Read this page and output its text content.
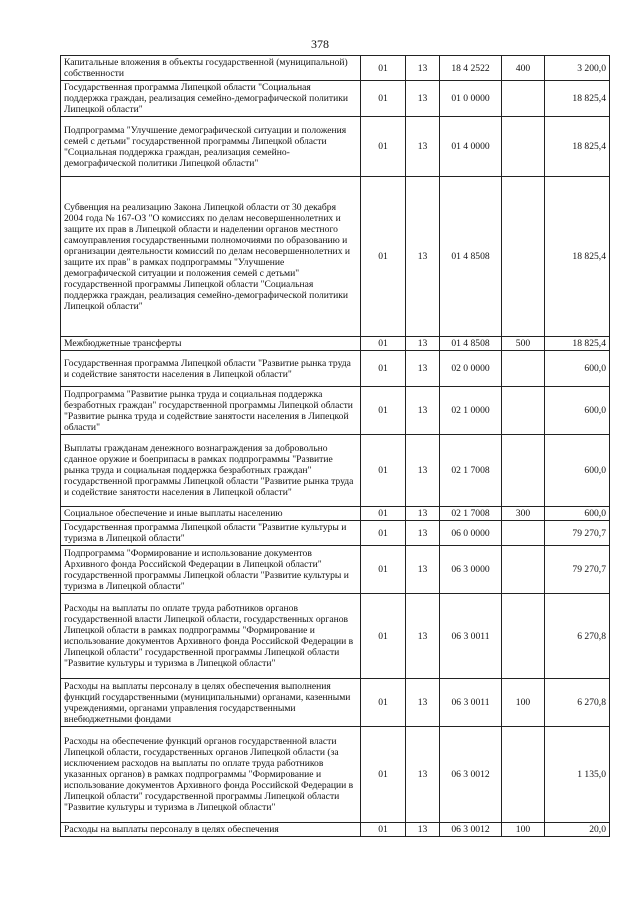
378
Капитальные вложения в объекты государственной (муниципальной) собственности	01	13	18 4 2522	400	3 200,0
Государственная программа Липецкой области "Социальная поддержка граждан, реализация семейно-демографической политики Липецкой области"	01	13	01 0 0000		18 825,4
Подпрограмма "Улучшение демографической ситуации и положения семей с детьми" государственной программы Липецкой области "Социальная поддержка граждан, реализация семейно-демографической политики Липецкой области"	01	13	01 4 0000		18 825,4
Субвенция на реализацию Закона Липецкой области от 30 декабря 2004 года № 167-ОЗ "О комиссиях по делам несовершеннолетних и защите их прав в Липецкой области и наделении органов местного самоуправления государственными полномочиями по образованию и организации деятельности комиссий по делам несовершеннолетних и защите их прав" в рамках подпрограммы "Улучшение демографической ситуации и положения семей с детьми" государственной программы Липецкой области "Социальная поддержка граждан, реализация семейно-демографической политики Липецкой области"	01	13	01 4 8508		18 825,4
Межбюджетные трансферты	01	13	01 4 8508	500	18 825,4
Государственная программа Липецкой области "Развитие рынка труда и содействие занятости населения в Липецкой области"	01	13	02 0 0000		600,0
Подпрограмма "Развитие рынка труда и социальная поддержка безработных граждан" государственной программы Липецкой области "Развитие рынка труда и содействие занятости населения в Липецкой области"	01	13	02 1 0000		600,0
Выплаты гражданам денежного вознаграждения за добровольно сданное оружие и боеприпасы в рамках подпрограммы "Развитие рынка труда и социальная поддержка безработных граждан" государственной программы Липецкой области "Развитие рынка труда и содействие занятости населения в Липецкой области"	01	13	02 1 7008		600,0
Социальное обеспечение и иные выплаты населению	01	13	02 1 7008	300	600,0
Государственная программа Липецкой области "Развитие культуры и туризма в Липецкой области"	01	13	06 0 0000		79 270,7
Подпрограмма "Формирование и использование документов Архивного фонда Российской Федерации в Липецкой области" государственной программы Липецкой области "Развитие культуры и туризма в Липецкой области"	01	13	06 3 0000		79 270,7
Расходы на выплаты по оплате труда работников органов государственной власти Липецкой области, государственных органов Липецкой области в рамках подпрограммы "Формирование и использование документов Архивного фонда Российской Федерации в Липецкой области" государственной программы Липецкой области "Развитие культуры и туризма в Липецкой области"	01	13	06 3 0011		6 270,8
Расходы на выплаты персоналу в целях обеспечения выполнения функций государственными (муниципальными) органами, казенными учреждениями, органами управления государственными внебюджетными фондами	01	13	06 3 0011	100	6 270,8
Расходы на обеспечение функций органов государственной власти Липецкой области, государственных органов Липецкой области (за исключением расходов на выплаты по оплате труда работников указанных органов) в рамках подпрограммы "Формирование и использование документов Архивного фонда Российской Федерации в Липецкой области" государственной программы Липецкой области "Развитие культуры и туризма в Липецкой области"	01	13	06 3 0012		1 135,0
Расходы на выплаты персоналу в целях обеспечения	01	13	06 3 0012	100	20,0
